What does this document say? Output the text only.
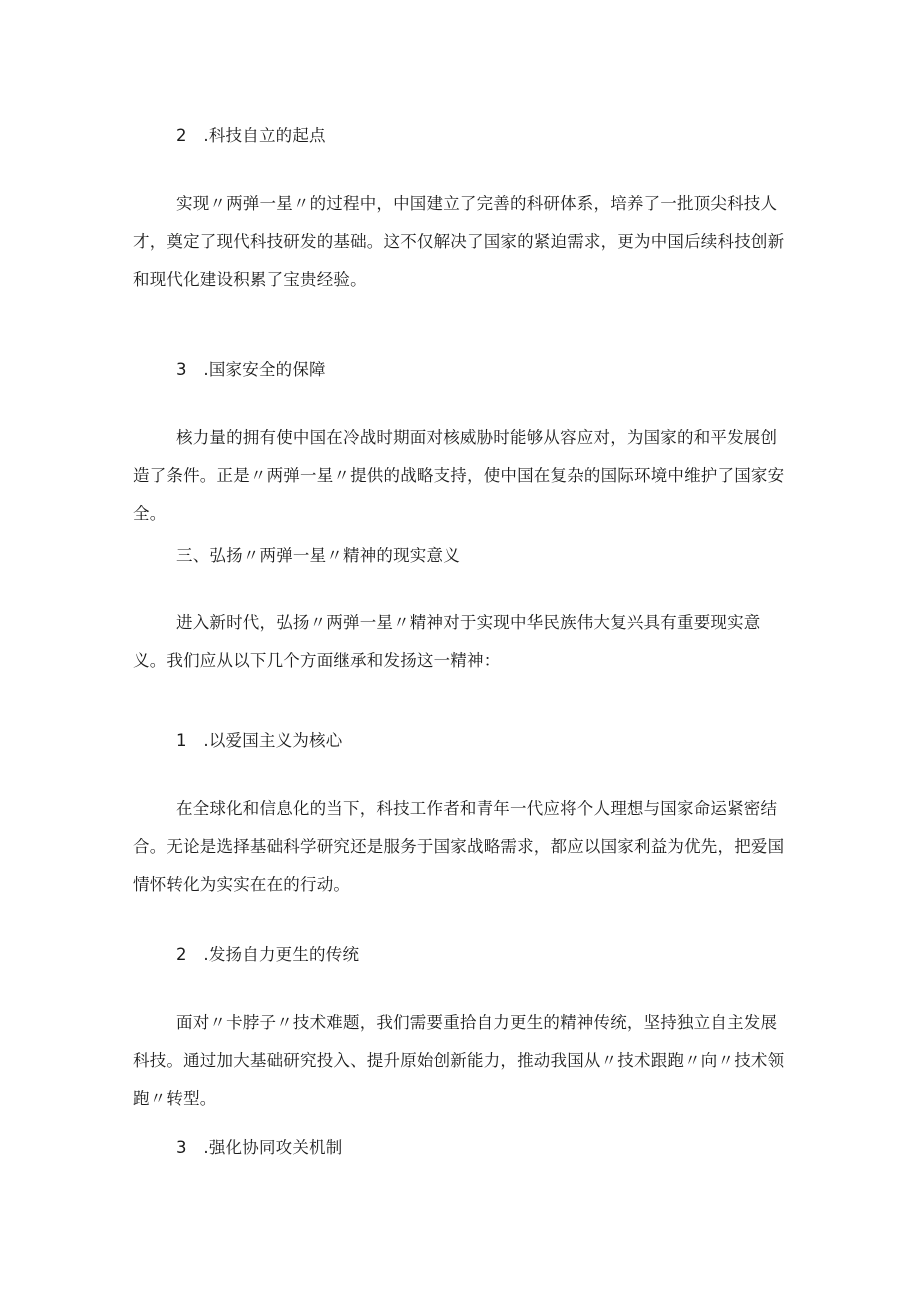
2　.科技自立的起点

实现〃两弹一星〃的过程中，中国建立了完善的科研体系，培养了一批顶尖科技人才，奠定了现代科技研发的基础。这不仅解决了国家的紧迫需求，更为中国后续科技创新和现代化建设积累了宝贵经验。

3　.国家安全的保障

核力量的拥有使中国在冷战时期面对核威胁时能够从容应对，为国家的和平发展创造了条件。正是〃两弹一星〃提供的战略支持，使中国在复杂的国际环境中维护了国家安全。

三、弘扬〃两弹一星〃精神的现实意义

进入新时代，弘扬〃两弹一星〃精神对于实现中华民族伟大复兴具有重要现实意义。我们应从以下几个方面继承和发扬这一精神：

1　.以爱国主义为核心

在全球化和信息化的当下，科技工作者和青年一代应将个人理想与国家命运紧密结合。无论是选择基础科学研究还是服务于国家战略需求，都应以国家利益为优先，把爱国情怀转化为实实在在的行动。

2　.发扬自力更生的传统

面对〃卡脖子〃技术难题，我们需要重拾自力更生的精神传统，坚持独立自主发展科技。通过加大基础研究投入、提升原始创新能力，推动我国从〃技术跟跑〃向〃技术领跑〃转型。

3　.强化协同攻关机制
